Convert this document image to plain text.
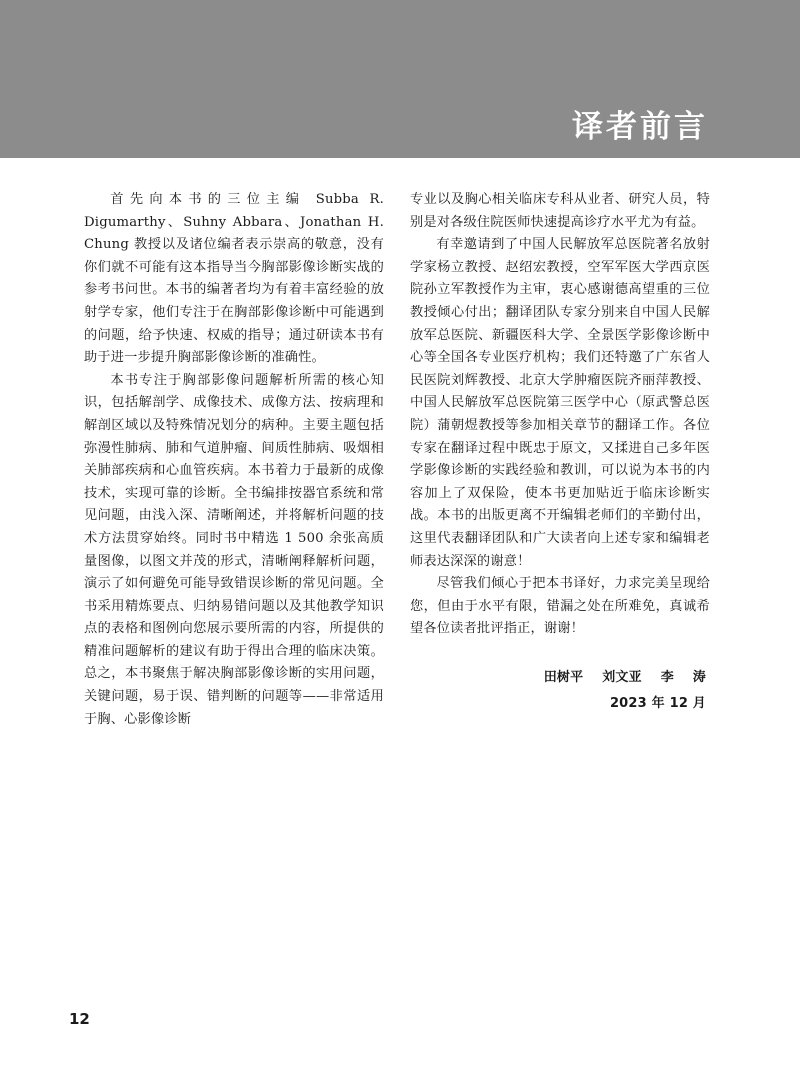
译者前言

首先向本书的三位主编 Subba R. Digumarthy、Suhny Abbara、Jonathan H. Chung 教授以及诸位编者表示崇高的敬意，没有你们就不可能有这本指导当今胸部影像诊断实战的参考书问世。本书的编著者均为有着丰富经验的放射学专家，他们专注于在胸部影像诊断中可能遇到的问题，给予快速、权威的指导；通过研读本书有助于进一步提升胸部影像诊断的准确性。

本书专注于胸部影像问题解析所需的核心知识，包括解剖学、成像技术、成像方法、按病理和解剖区域以及特殊情况划分的病种。主要主题包括弥漫性肺病、肺和气道肿瘤、间质性肺病、吸烟相关肺部疾病和心血管疾病。本书着力于最新的成像技术，实现可靠的诊断。全书编排按器官系统和常见问题，由浅入深、清晰阐述，并将解析问题的技术方法贯穿始终。同时书中精选 1 500 余张高质量图像，以图文并茂的形式，清晰阐释解析问题，演示了如何避免可能导致错误诊断的常见问题。全书采用精炼要点、归纳易错问题以及其他教学知识点的表格和图例向您展示要所需的内容，所提供的精准问题解析的建议有助于得出合理的临床决策。总之，本书聚焦于解决胸部影像诊断的实用问题，关键问题，易于误、错判断的问题等——非常适用于胸、心影像诊断

专业以及胸心相关临床专科从业者、研究人员，特别是对各级住院医师快速提高诊疗水平尤为有益。

有幸邀请到了中国人民解放军总医院著名放射学家杨立教授、赵绍宏教授，空军军医大学西京医院孙立军教授作为主审，衷心感谢德高望重的三位教授倾心付出；翻译团队专家分别来自中国人民解放军总医院、新疆医科大学、全景医学影像诊断中心等全国各专业医疗机构；我们还特邀了广东省人民医院刘辉教授、北京大学肿瘤医院齐丽萍教授、中国人民解放军总医院第三医学中心（原武警总医院）蒲朝煜教授等参加相关章节的翻译工作。各位专家在翻译过程中既忠于原文，又揉进自己多年医学影像诊断的实践经验和教训，可以说为本书的内容加上了双保险，使本书更加贴近于临床诊断实战。本书的出版更离不开编辑老师们的辛勤付出，这里代表翻译团队和广大读者向上述专家和编辑老师表达深深的谢意！

尽管我们倾心于把本书译好，力求完美呈现给您，但由于水平有限，错漏之处在所难免，真诚希望各位读者批评指正，谢谢！

田树平    刘文亚    李    涛
2023 年 12 月
12
